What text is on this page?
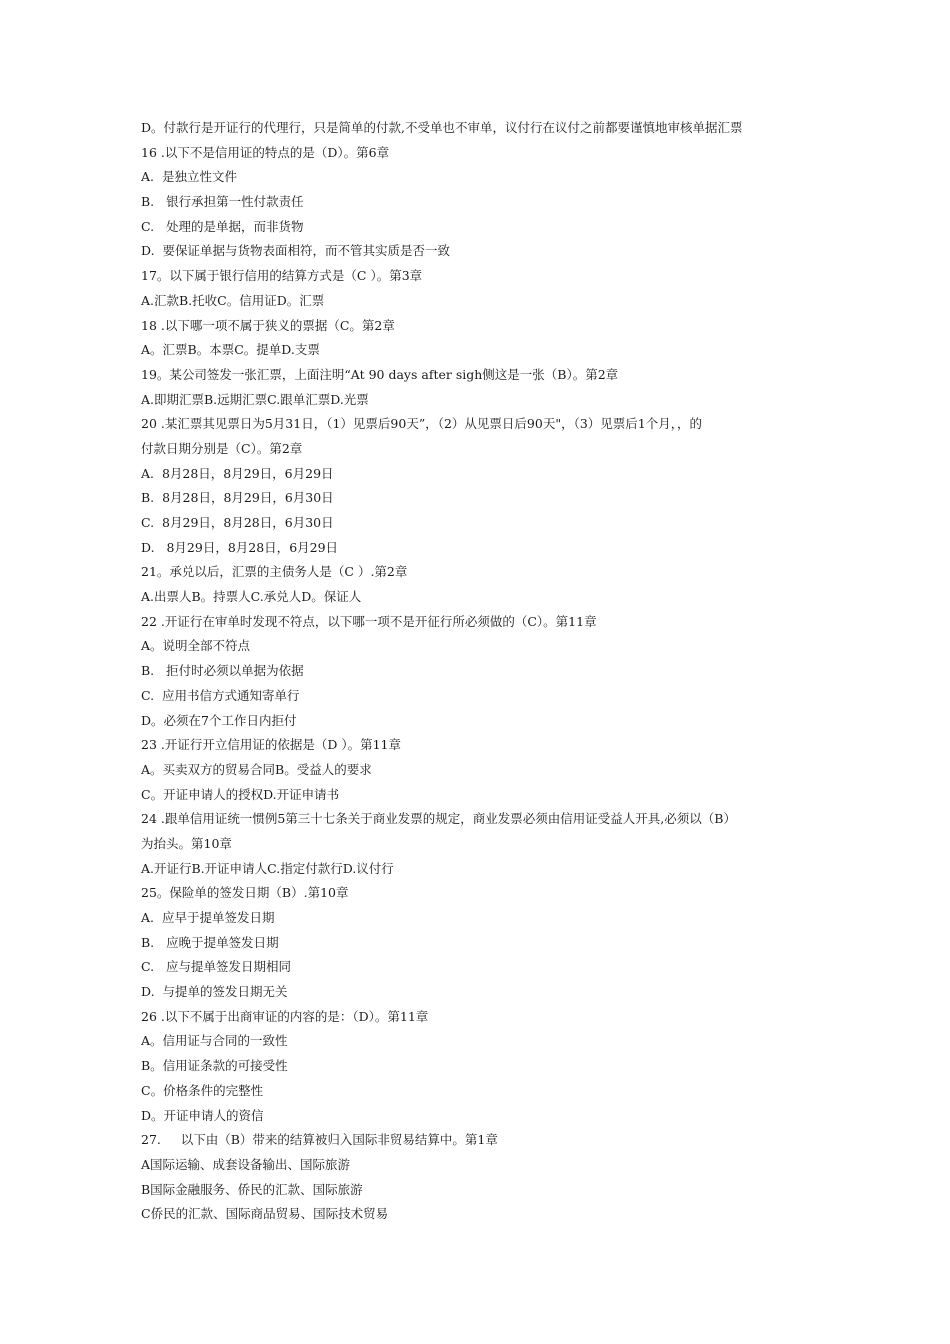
D。付款行是开证行的代理行，只是简单的付款,不受单也不审单，议付行在议付之前都要谨慎地审核单据汇票
16 .以下不是信用证的特点的是（D）。第6章
A.  是独立性文件
B.   银行承担第一性付款责任
C.   处理的是单据，而非货物
D.  要保证单据与货物表面相符，而不管其实质是否一致
17。以下属于银行信用的结算方式是（C ）。第3章
A.汇款B.托收C。信用证D。汇票
18 .以下哪一项不属于狭义的票据（C。第2章
A。汇票B。本票C。提单D.支票
19。某公司签发一张汇票，上面注明“At 90 days after sigh侧这是一张（B）。第2章
A.即期汇票B.远期汇票C.跟单汇票D.光票
20 .某汇票其见票日为5月31日，（1）见票后90天”，（2）从见票日后90天"，（3）见票后1个月，，的
付款日期分别是（C）。第2章
A.  8月28日，8月29日，6月29日
B.  8月28日，8月29日，6月30日
C.  8月29日，8月28日，6月30日
D.   8月29日，8月28日，6月29日
21。承兑以后，汇票的主债务人是（C ）.第2章
A.出票人B。持票人C.承兑人D。保证人
22 .开证行在审单时发现不符点，以下哪一项不是开征行所必须做的（C）。第11章
A。说明全部不符点
B.   拒付时必须以单据为依据
C.  应用书信方式通知寄单行
D。必须在7个工作日内拒付
23 .开证行开立信用证的依据是（D ）。第11章
A。买卖双方的贸易合同B。受益人的要求
C。开证申请人的授权D.开证申请书
24 .跟单信用证统一惯例5第三十七条关于商业发票的规定，商业发票必须由信用证受益人开具,必须以（B）
为抬头。第10章
A.开证行B.开证申请人C.指定付款行D.议付行
25。保险单的签发日期（B）.第10章
A.  应早于提单签发日期
B.   应晚于提单签发日期
C.   应与提单签发日期相同
D.  与提单的签发日期无关
26 .以下不属于出商审证的内容的是：（D）。第11章
A。信用证与合同的一致性
B。信用证条款的可接受性
C。价格条件的完整性
D。开证申请人的资信
27.     以下由（B）带来的结算被归入国际非贸易结算中。第1章
A国际运输、成套设备输出、国际旅游
B国际金融服务、侨民的汇款、国际旅游
C侨民的汇款、国际商品贸易、国际技术贸易
